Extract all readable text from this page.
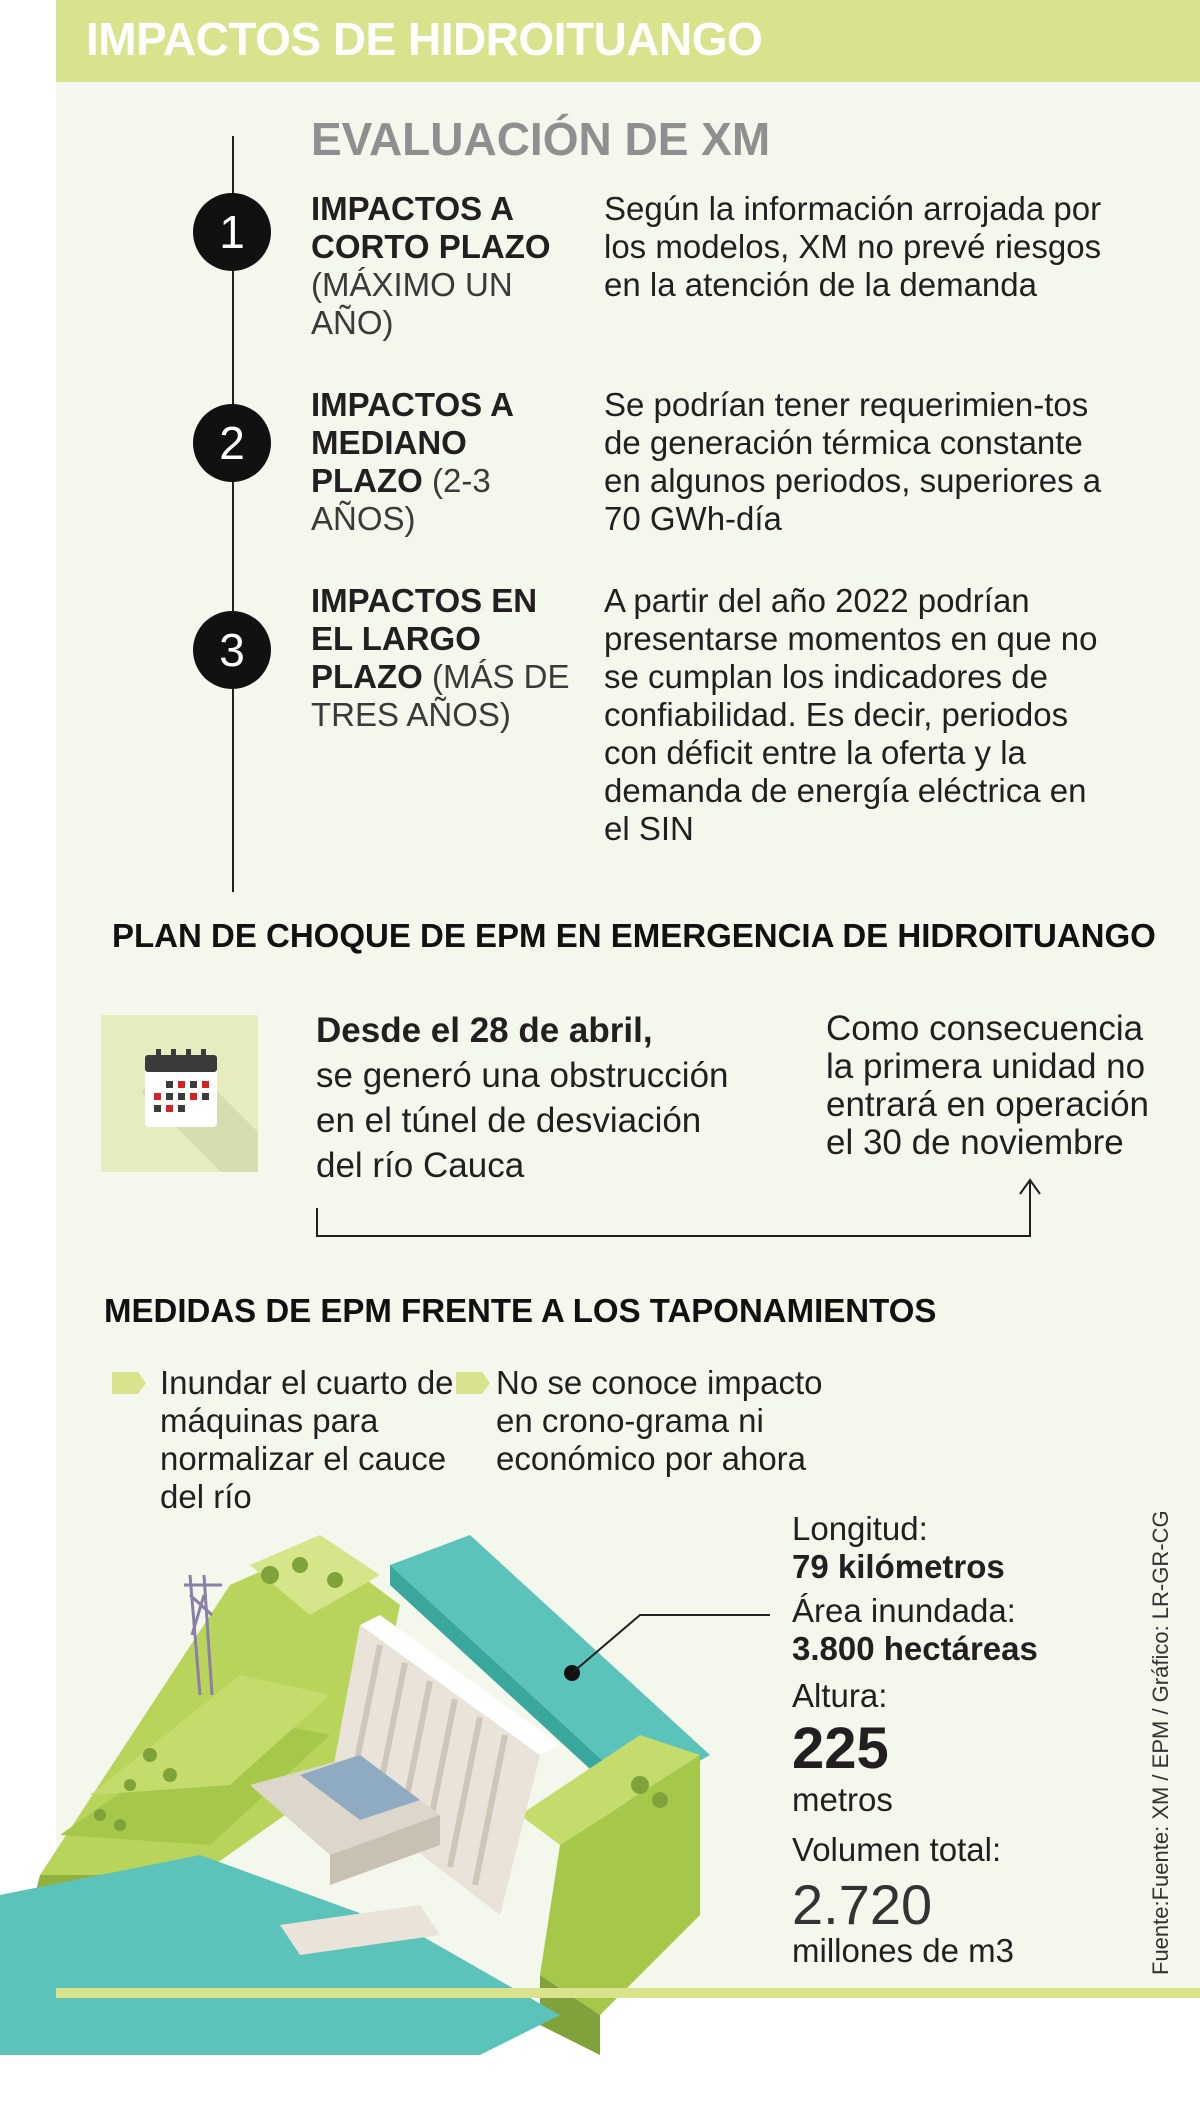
IMPACTOS DE HIDROITUANGO
EVALUACIÓN DE XM
1	IMPACTOS A
CORTO PLAZO
(MÁXIMO UN
AÑO)
Según la información arrojada por los modelos, XM no prevé riesgos en la atención de la demanda
2
IMPACTOS A
MEDIANO
PLAZO (2-3
AÑOS)
Se podrían tener requerimien-tos de generación térmica constante en algunos periodos, superiores a 70 GWh-día
3
IMPACTOS EN
EL LARGO
PLAZO (MÁS DE
TRES AÑOS)
A partir del año 2022 podrían presentarse momentos en que no se cumplan los indicadores de confiabilidad. Es decir, periodos con déficit entre la oferta y la demanda de energía eléctrica en el SIN
PLAN DE CHOQUE DE EPM EN EMERGENCIA DE HIDROITUANGO
Desde el 28 de abril,
se generó una obstrucción en el túnel de desviación del río Cauca
Como consecuencia la primera unidad no entrará en operación el 30 de noviembre
MEDIDAS DE EPM FRENTE A LOS TAPONAMIENTOS
Inundar el cuarto de máquinas para normalizar el cauce del río
No se conoce impacto en crono-grama ni económico por ahora
Longitud:
79 kilómetros
Área inundada:
3.800 hectáreas
Altura:
225
metros
Volumen total:
2.720
millones de m3	Fuente:Fuente: XM / EPM / Gráfico: LR-GR-CG
